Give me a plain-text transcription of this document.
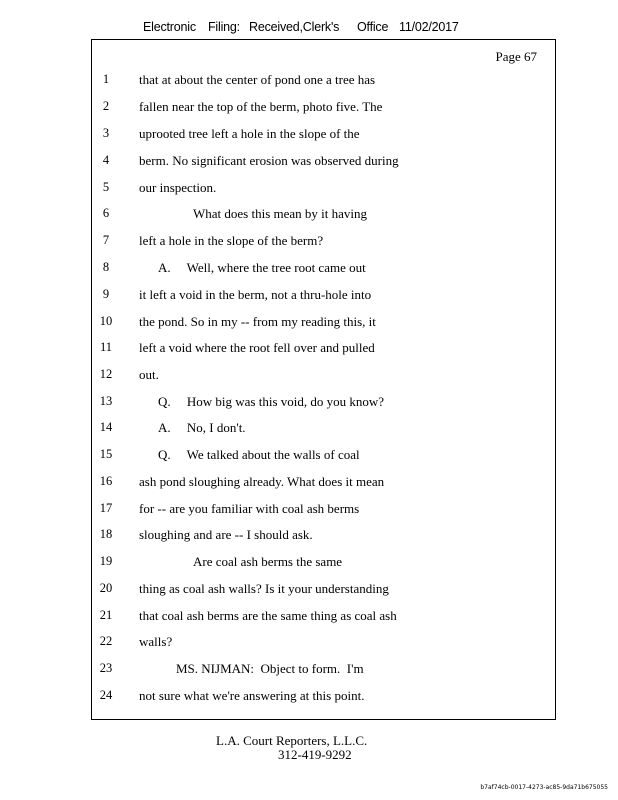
Electronic Filing: Received,Clerk's Office 11/02/2017
Page 67
1	that at about the center of pond one a tree has
2	fallen near the top of the berm, photo five. The
3	uprooted tree left a hole in the slope of the
4	berm. No significant erosion was observed during
5	our inspection.
6	What does this mean by it having
7	left a hole in the slope of the berm?
8	A.     Well, where the tree root came out
9	it left a void in the berm, not a thru-hole into
10	the pond. So in my -- from my reading this, it
11	left a void where the root fell over and pulled
12	out.
13	Q.     How big was this void, do you know?
14	A.     No, I don't.
15	Q.     We talked about the walls of coal
16	ash pond sloughing already. What does it mean
17	for -- are you familiar with coal ash berms
18	sloughing and are -- I should ask.
19	Are coal ash berms the same
20	thing as coal ash walls? Is it your understanding
21	that coal ash berms are the same thing as coal ash
22	walls?
23	MS. NIJMAN:  Object to form.  I'm
24	not sure what we're answering at this point.
L.A. Court Reporters, L.L.C.
312-419-9292
b7af74cb-0017-4273-ac85-9da71b675055
